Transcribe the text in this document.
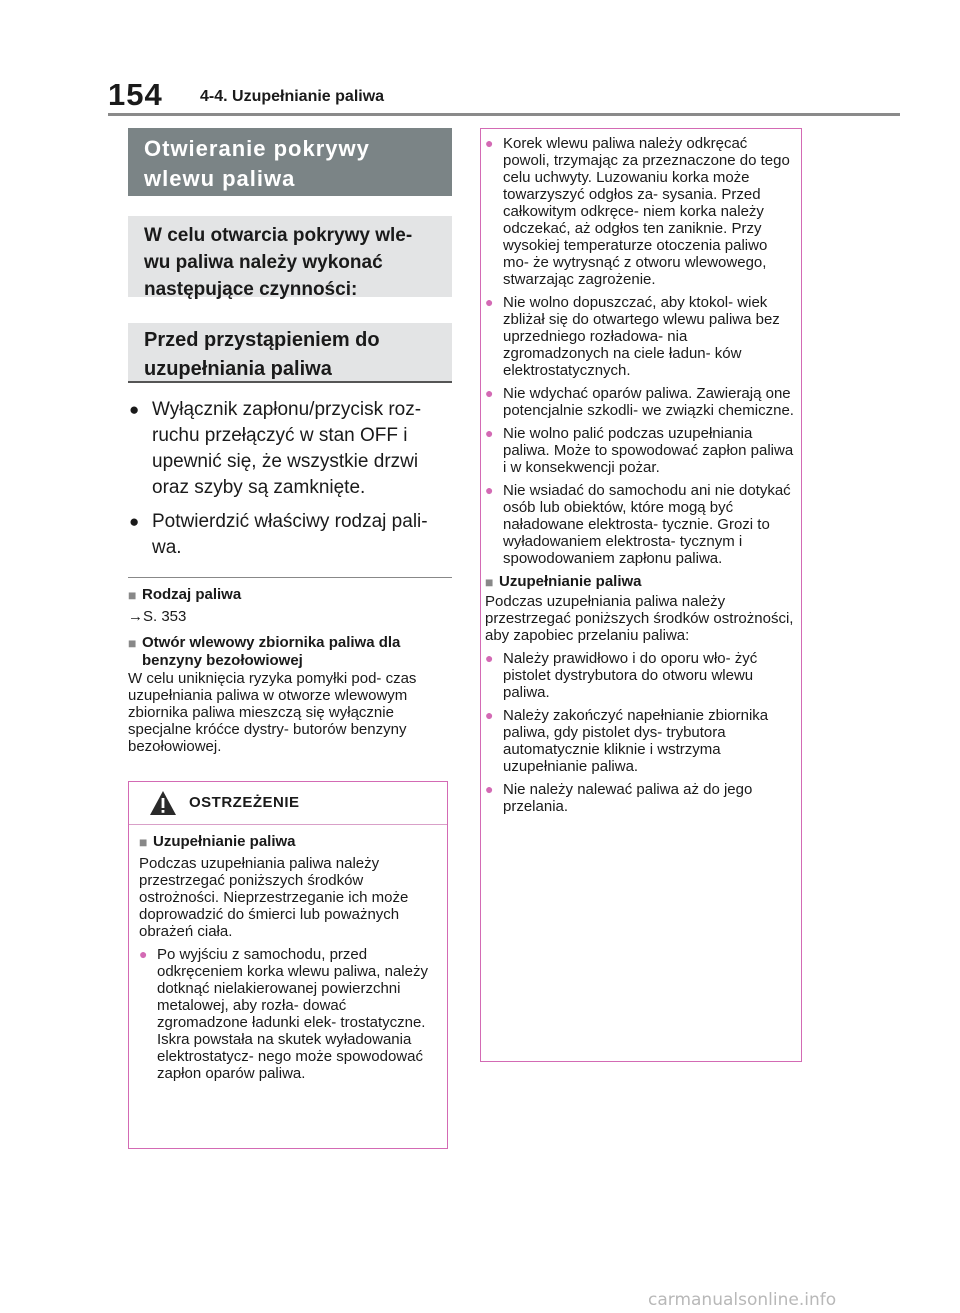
154 4-4. Uzupełnianie paliwa
Otwieranie pokrywy wlewu paliwa
W celu otwarcia pokrywy wle- wu paliwa należy wykonać następujące czynności:
Przed przystąpieniem do uzupełniania paliwa
● Wyłącznik zapłonu/przycisk roz- ruchu przełączyć w stan OFF i upewnić się, że wszystkie drzwi oraz szyby są zamknięte.
● Potwierdzić właściwy rodzaj pali- wa.
■ Rodzaj paliwa
→S. 353
■ Otwór wlewowy zbiornika paliwa dla benzyny bezołowiowej
W celu uniknięcia ryzyka pomyłki pod- czas uzupełniania paliwa w otworze wlewowym zbiornika paliwa mieszczą się wyłącznie specjalne króćce dystry- butorów benzyny bezołowiowej.
OSTRZEŻENIE
■ Uzupełnianie paliwa
Podczas uzupełniania paliwa należy przestrzegać poniższych środków ostrożności. Nieprzestrzeganie ich może doprowadzić do śmierci lub poważnych obrażeń ciała.
● Po wyjściu z samochodu, przed odkręceniem korka wlewu paliwa, należy dotknąć nielakierowanej powierzchni metalowej, aby rozła- dować zgromadzone ładunki elek- trostatyczne. Iskra powstała na skutek wyładowania elektrostatycz- nego może spowodować zapłon oparów paliwa.
● Korek wlewu paliwa należy odkręcać powoli, trzymając za przeznaczone do tego celu uchwyty. Luzowaniu korka może towarzyszyć odgłos za- sysania. Przed całkowitym odkręce- niem korka należy odczekać, aż odgłos ten zaniknie. Przy wysokiej temperaturze otoczenia paliwo mo- że wytrysnąć z otworu wlewowego, stwarzając zagrożenie.
● Nie wolno dopuszczać, aby ktokol- wiek zbliżał się do otwartego wlewu paliwa bez uprzedniego rozładowa- nia zgromadzonych na ciele ładun- ków elektrostatycznych.
● Nie wdychać oparów paliwa. Zawierają one potencjalnie szkodli- we związki chemiczne.
● Nie wolno palić podczas uzupełniania paliwa. Może to spowodować zapłon paliwa i w konsekwencji pożar.
● Nie wsiadać do samochodu ani nie dotykać osób lub obiektów, które mogą być naładowane elektrosta- tycznie. Grozi to wyładowaniem elektrosta- tycznym i spowodowaniem zapłonu paliwa.
■ Uzupełnianie paliwa
Podczas uzupełniania paliwa należy przestrzegać poniższych środków ostrożności, aby zapobiec przelaniu paliwa:
● Należy prawidłowo i do oporu wło- żyć pistolet dystrybutora do otworu wlewu paliwa.
● Należy zakończyć napełnianie zbiornika paliwa, gdy pistolet dys- trybutora automatycznie kliknie i wstrzyma uzupełnianie paliwa.
● Nie należy nalewać paliwa aż do jego przelania.
carmanualsonline.info
